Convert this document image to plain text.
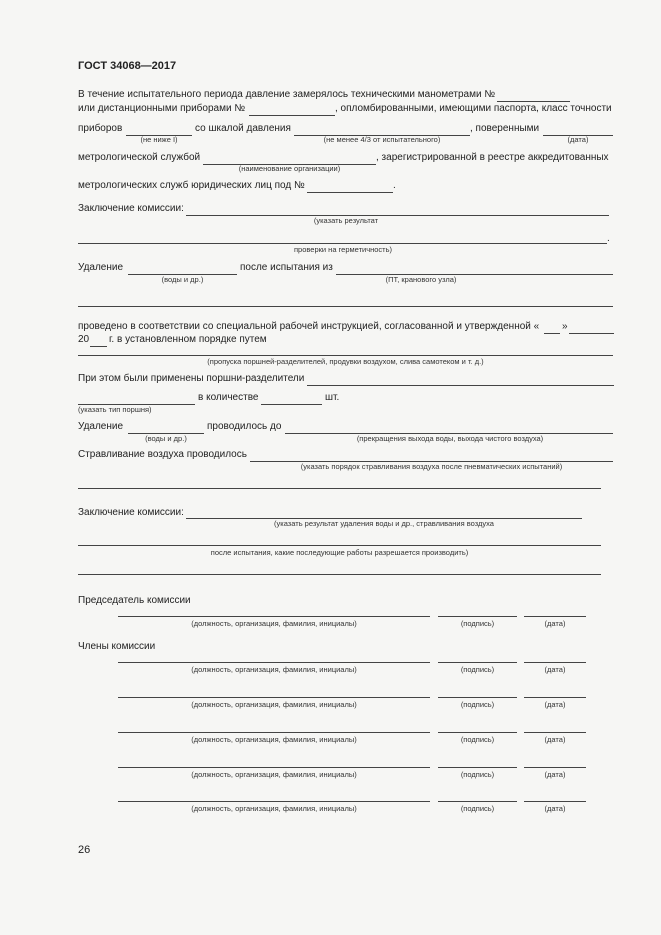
ГОСТ 34068—2017
В течение испытательного периода давление замерялось техническими манометрами №
или дистанционными приборами №	, опломбированными, имеющими паспорта, класс точности
приборов	со шкалой давления	, поверенными
(не ниже I)	(не менее 4/3 от испытательного)	(дата)
метрологической службой	, зарегистрированной в реестре аккредитованных
(наименование организации)
метрологических служб юридических лиц под №	.
Заключение комиссии:
(указать результат
.
проверки на герметичность)
Удаление	после испытания из
(воды и др.)	(ПТ, кранового узла)
проведено в соответствии со специальной рабочей инструкцией, согласованной и утвержденной « »
20 г. в установленном порядке путем
(пропуска поршней-разделителей, продувки воздухом, слива самотеком и т. д.)
При этом были применены поршни-разделители
в количестве	шт.
(указать тип поршня)
Удаление	проводилось до
(воды и др.)	(прекращения выхода воды, выхода чистого воздуха)
Стравливание воздуха проводилось
(указать порядок стравливания воздуха после пневматических испытаний)
Заключение комиссии:
(указать результат удаления воды и др., стравливания воздуха
после испытания, какие последующие работы разрешается производить)
Председатель комиссии
(должность, организация, фамилия, инициалы)	(подпись)	(дата)
Члены комиссии
(должность, организация, фамилия, инициалы)	(подпись)	(дата)
(должность, организация, фамилия, инициалы)	(подпись)	(дата)
(должность, организация, фамилия, инициалы)	(подпись)	(дата)
(должность, организация, фамилия, инициалы)	(подпись)	(дата)
(должность, организация, фамилия, инициалы)	(подпись)	(дата)
26
